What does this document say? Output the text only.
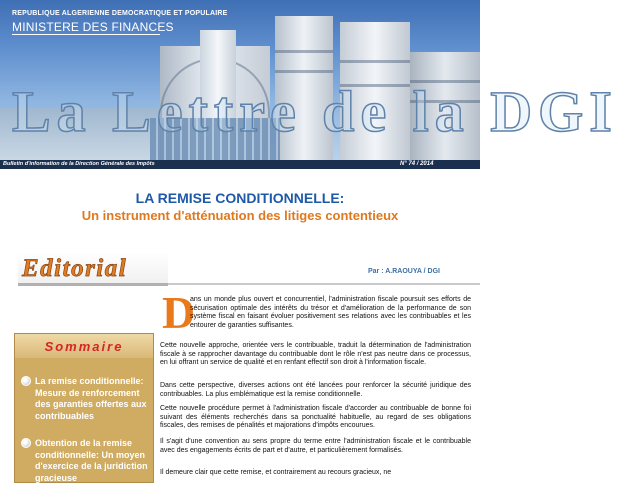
REPUBLIQUE ALGERIENNE DEMOCRATIQUE ET POPULAIRE
MINISTERE DES FINANCES
La Lettre de la DGI
Bulletin d'information de la Direction Générale des Impôts	N° 74 / 2014
LA REMISE CONDITIONNELLE:
Un instrument d'atténuation des litiges contentieux
Editorial	Par : A.RAOUYA / DGI
Sommaire
La remise conditionnelle: Mesure de renforcement des garanties offertes aux contribuables
Obtention de la remise conditionnelle: Un moyen d'exercice de la juridiction gracieuse
D

ans un monde plus ouvert et concurrentiel, l'administration fiscale poursuit ses efforts de sécurisation optimale des intérêts du trésor et d'amélioration de la performance de son système fiscal en faisant évoluer positivement ses relations avec les contribuables et les entourer de garanties suffisantes.

Cette nouvelle approche, orientée vers le contribuable, traduit la détermination de l'administration fiscale à se rapprocher davantage du contribuable dont le rôle n'est pas neutre dans ce processus, en lui offrant un service de qualité et en renfant effectif son droit à l'information fiscale.

Dans cette perspective, diverses actions ont été lancées pour renforcer la sécurité juridique des contribuables. La plus emblématique est la remise conditionnelle.

Cette nouvelle procédure permet à l'administration fiscale d'accorder au contribuable de bonne foi suivant des éléments recherchés dans sa ponctualité habituelle, au regard de ses obligations fiscales, des remises de pénalités et majorations d'impôts encourues.

Il s'agit d'une convention au sens propre du terme entre l'administration fiscale et le contribuable avec des engagements écrits de part et d'autre, et particulièrement formalisés.

Il demeure clair que cette remise, et contrairement au recours gracieux, ne
